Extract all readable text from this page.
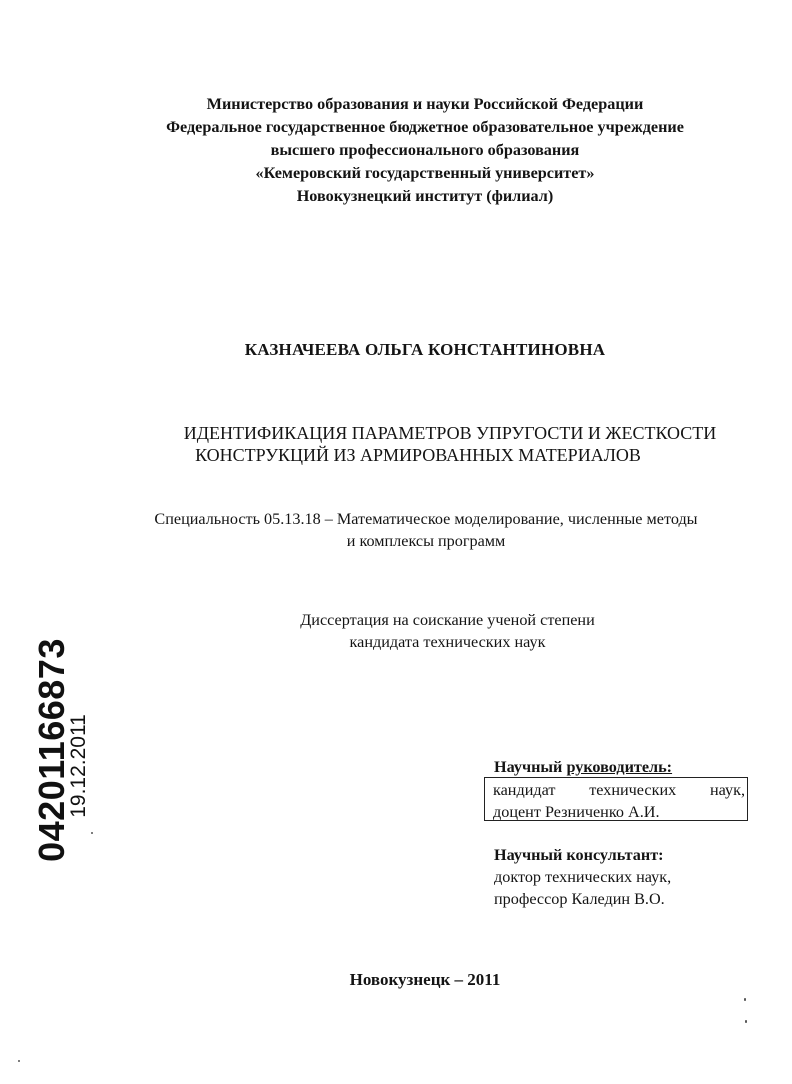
Министерство образования и науки Российской Федерации
Федеральное государственное бюджетное образовательное учреждение
высшего профессионального образования
«Кемеровский государственный университет»
Новокузнецкий институт (филиал)
КАЗНАЧЕЕВА ОЛЬГА КОНСТАНТИНОВНА
ИДЕНТИФИКАЦИЯ ПАРАМЕТРОВ УПРУГОСТИ И ЖЕСТКОСТИ
КОНСТРУКЦИЙ ИЗ АРМИРОВАННЫХ МАТЕРИАЛОВ
Специальность 05.13.18 – Математическое моделирование, численные методы
и комплексы программ
Диссертация на соискание ученой степени
кандидата технических наук
Научный руководитель:
кандидат технических наук,
доцент Резниченко А.И.
Научный консультант:
доктор технических наук,
профессор Каледин В.О.
Новокузнецк – 2011
04201166873
19.12.2011
